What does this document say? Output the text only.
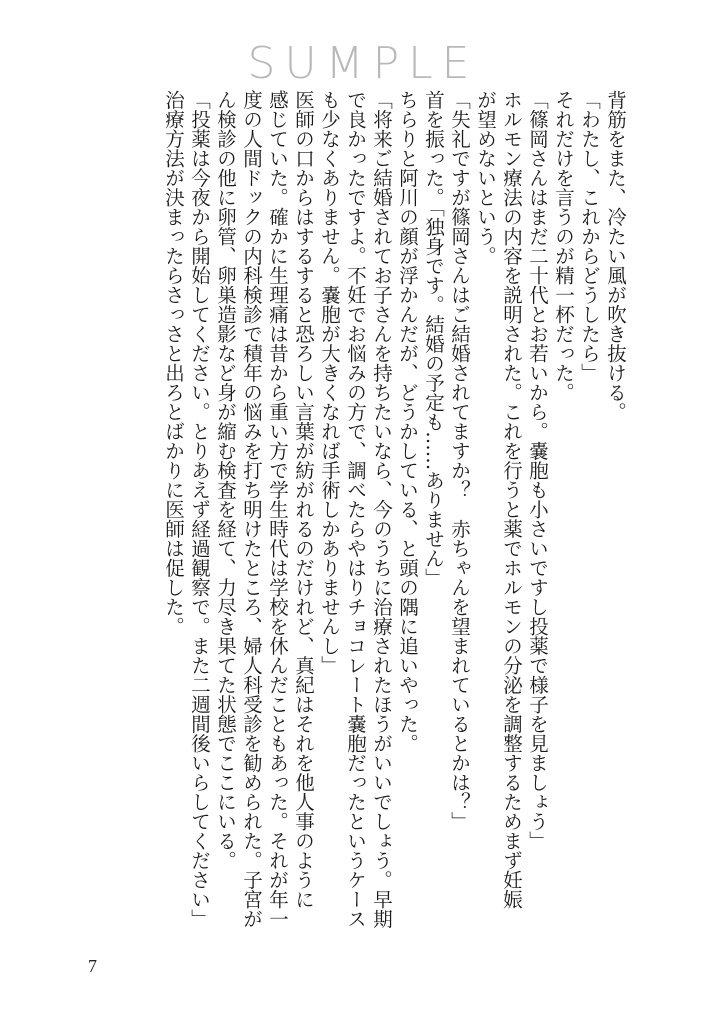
SUMPLE

背筋をまた、冷たい風が吹き抜ける。

「わたし、これからどうしたら」

それだけを言うのが精一杯だった。

「篠岡さんはまだ二十代とお若いから。嚢胞も小さいですし投薬で様子を見ましょう」

ホルモン療法の内容を説明された。これを行うと薬でホルモンの分泌を調整するためまず妊娠

が望めないという。

「失礼ですが篠岡さんはご結婚されてますか？　赤ちゃんを望まれているとかは？」

首を振った。「独身です。結婚の予定も……ありません」

ちらりと阿川の顔が浮かんだが、どうかしている、と頭の隅に追いやった。

「将来ご結婚されてお子さんを持ちたいなら、今のうちに治療されたほうがいいでしょう。早期

で良かったですよ。不妊でお悩みの方で、調べたらやはりチョコレート嚢胞だったというケース

も少なくありません。嚢胞が大きくなれば手術しかありませんし」

医師の口からはするすると恐ろしい言葉が紡がれるのだけれど、真紀はそれを他人事のように

感じていた。確かに生理痛は昔から重い方で学生時代は学校を休んだこともあった。それが年一

度の人間ドックの内科検診で積年の悩みを打ち明けたところ、婦人科受診を勧められた。子宮が

ん検診の他に卵管、卵巣造影など身が縮む検査を経て、力尽き果てた状態でここにいる。

「投薬は今夜から開始してください。とりあえず経過観察で。また二週間後いらしてください」

治療方法が決まったらさっさと出ろとばかりに医師は促した。

7
